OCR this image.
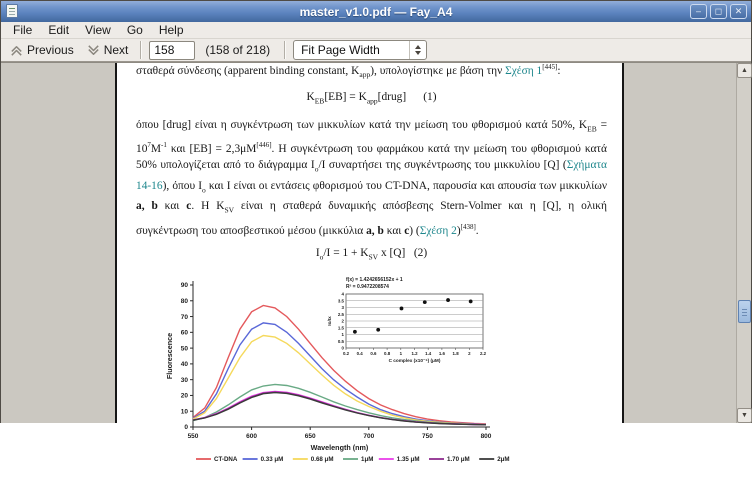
master_v1.0.pdf — Fay_A4	–	◻	✕
File	Edit	View	Go	Help
Previous	Next
158	(158 of 218)	Fit Page Width
σταθερά σύνδεσης (apparent binding constant, $K_{app}$), υπολογίστηκε με βάση την Σχέση 1[445]:
$K_{EB}[EB]$ = $K_{app}[drug]$      (1)
όπου [drug] είναι η συγκέντρωση των μικκυλίων κατά την μείωση του φθορισμού κατά 50%, $K_{EB} = 10^7M^{-1}$ και [EB] = 2,3μM[446]. Η συγκέντρωση του φαρμάκου κατά την μείωση του φθορισμού κατά 50% υπολογίζεται από το διάγραμμα $I_o/I$ συναρτήσει της συγκέντρωσης του μικκυλίου [Q] (Σχήματα 14-16), όπου $I_o$ και I είναι οι εντάσεις φθορισμού του CT-DNA, παρουσία και απουσία των μικκυλίων a, b και c. Η $K_{SV}$ είναι η σταθερά δυναμικής απόσβεσης Stern-Volmer και η [Q], η ολική συγκέντρωση του αποσβεστικού μέσου (μικκύλια a, b και c) (Σχέση 2)[438].
$I_o/I = 1 + K_{SV}$ x [Q]   (2)
0
10
20
30
40
50
60
70
80
90
550	600	650	700	750	800
Fluorescence
Wavelength (nm)
CT-DNA	0.33 μM	0.68 μM	1μM	1.35 μM	1.70 μM	2μM
0
0.5
1
1.5
2
2.5
3
3.5
4
0.2 0.4 0.6 0.8 1 1.2 1.4 1.6 1.8 2 2.2
f(x) = 1.4242656152x + 1
R² = 0.9472208574
C complex (x10⁻⁶) (μM)
Io/Ix
▲
▼
